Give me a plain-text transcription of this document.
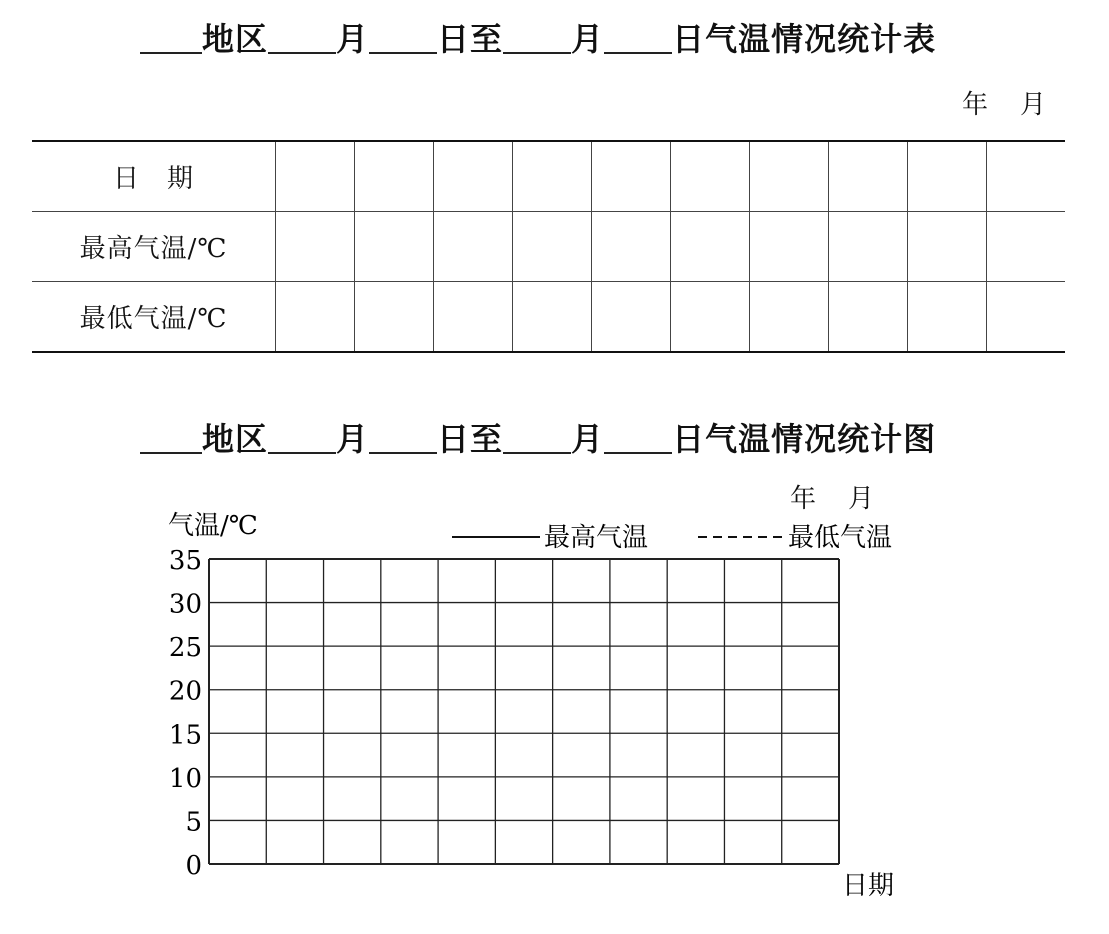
地区 月 日至 月 日气温情况统计表
年 月
日　期										
最高气温/℃										
最低气温/℃										
地区 月 日至 月 日气温情况统计图
年 月
35
30
25
20
15
10
5
0
气温/℃
日期
最高气温	最低气温
